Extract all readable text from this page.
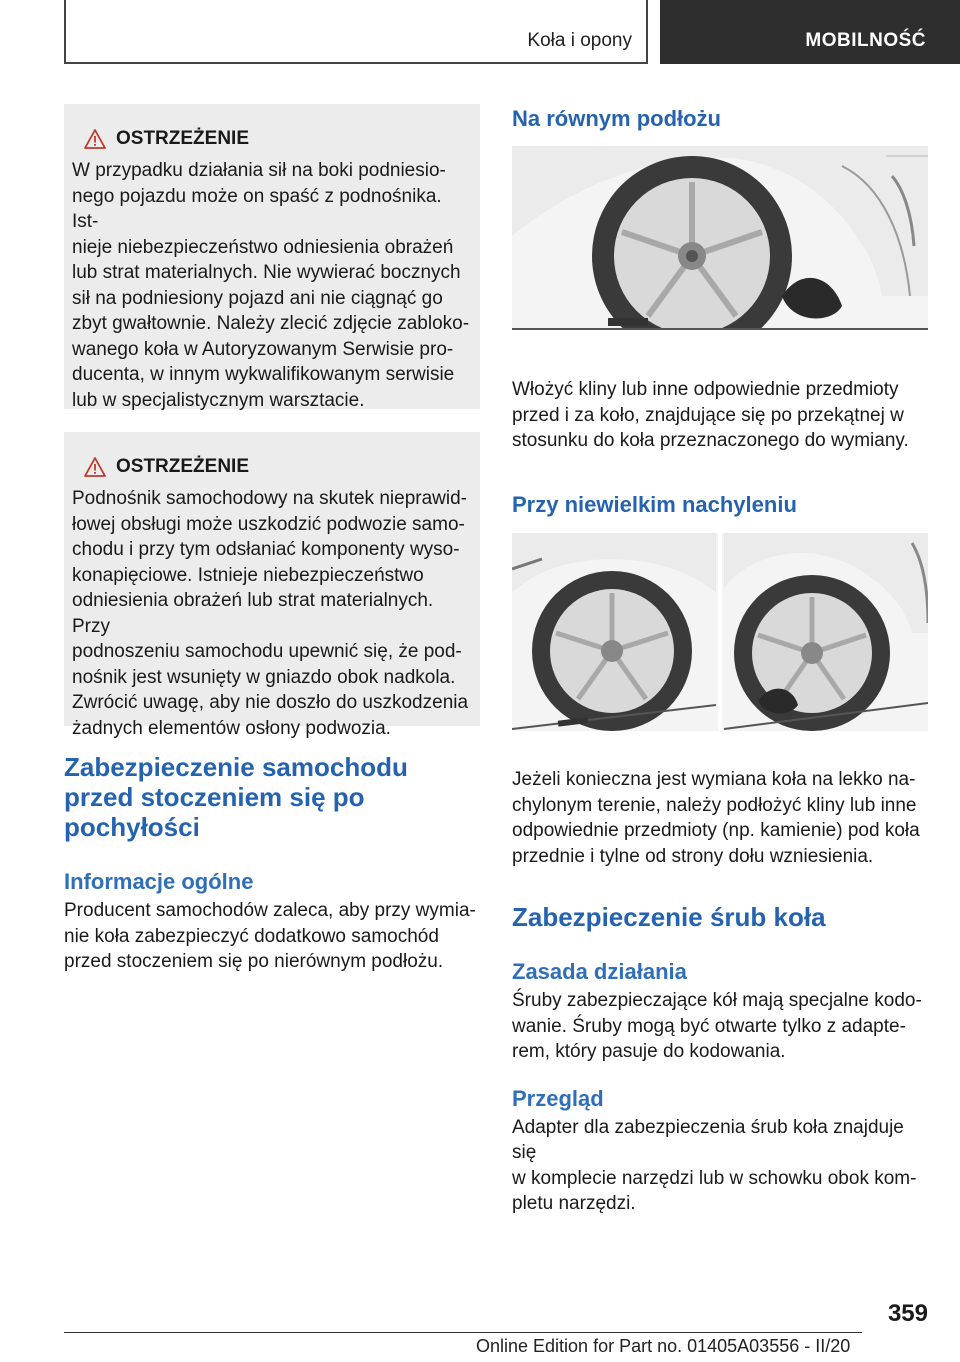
Koła i opony	MOBILNOŚĆ
OSTRZEŻENIE
W przypadku działania sił na boki podniesio-
nego pojazdu może on spaść z podnośnika. Ist-
nieje niebezpieczeństwo odniesienia obrażeń
lub strat materialnych. Nie wywierać bocznych
sił na podniesiony pojazd ani nie ciągnąć go
zbyt gwałtownie. Należy zlecić zdjęcie zabloko-
wanego koła w Autoryzowanym Serwisie pro-
ducenta, w innym wykwalifikowanym serwisie
lub w specjalistycznym warsztacie.
OSTRZEŻENIE
Podnośnik samochodowy na skutek nieprawid-
łowej obsługi może uszkodzić podwozie samo-
chodu i przy tym odsłaniać komponenty wyso-
konapięciowe. Istnieje niebezpieczeństwo
odniesienia obrażeń lub strat materialnych. Przy
podnoszeniu samochodu upewnić się, że pod-
nośnik jest wsunięty w gniazdo obok nadkola.
Zwrócić uwagę, aby nie doszło do uszkodzenia
żadnych elementów osłony podwozia.
Zabezpieczenie samochodu
przed stoczeniem się po
pochyłości
Informacje ogólne

Producent samochodów zaleca, aby przy wymia-
nie koła zabezpieczyć dodatkowo samochód
przed stoczeniem się po nierównym podłożu.

Na równym podłożu

Włożyć kliny lub inne odpowiednie przedmioty
przed i za koło, znajdujące się po przekątnej w
stosunku do koła przeznaczonego do wymiany.

Przy niewielkim nachyleniu

Jeżeli konieczna jest wymiana koła na lekko na-
chylonym terenie, należy podłożyć kliny lub inne
odpowiednie przedmioty (np. kamienie) pod koła
przednie i tylne od strony dołu wzniesienia.

Zabezpieczenie śrub koła
Zasada działania

Śruby zabezpieczające kół mają specjalne kodo-
wanie. Śruby mogą być otwarte tylko z adapte-
rem, który pasuje do kodowania.

Przegląd

Adapter dla zabezpieczenia śrub koła znajduje się
w komplecie narzędzi lub w schowku obok kom-
pletu narzędzi.

359
Online Edition for Part no. 01405A03556 - II/20
